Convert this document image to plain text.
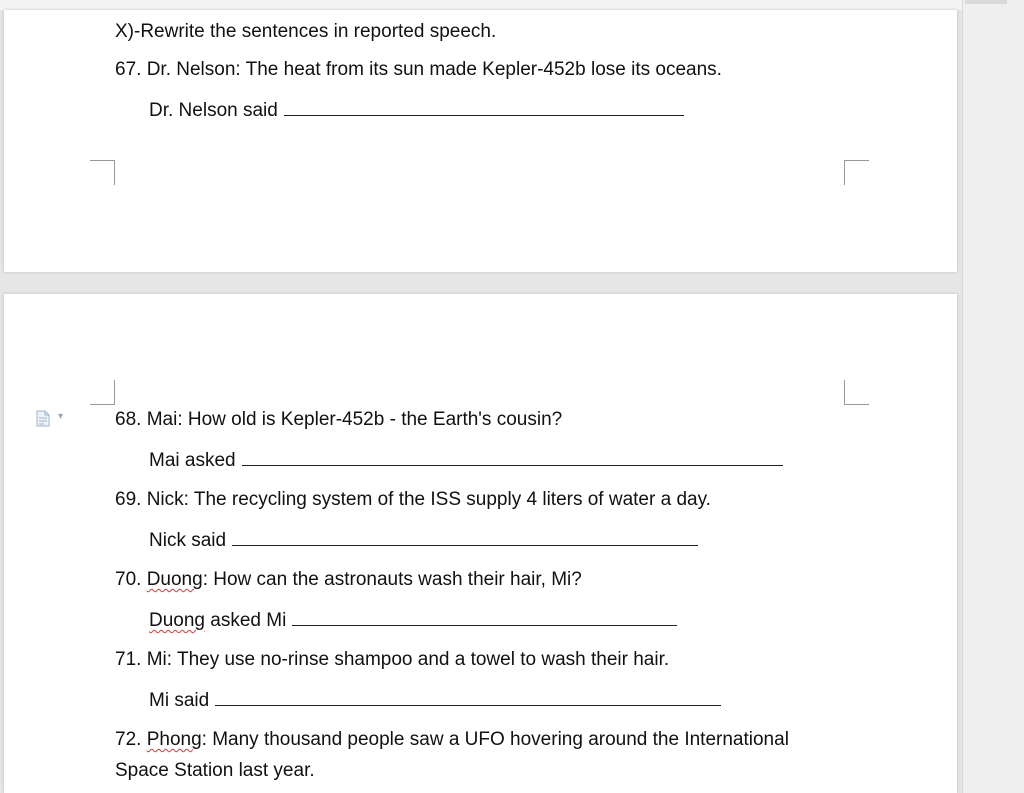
X)-Rewrite the sentences in reported speech.
67. Dr. Nelson: The heat from its sun made Kepler-452b lose its oceans.
Dr. Nelson said
68. Mai: How old is Kepler-452b - the Earth's cousin?
Mai asked
69. Nick: The recycling system of the ISS supply 4 liters of water a day.
Nick said
70. Duong: How can the astronauts wash their hair, Mi?
Duong asked Mi
71. Mi: They use no-rinse shampoo and a towel to wash their hair.
Mi said
72. Phong: Many thousand people saw a UFO hovering around the International
Space Station last year.
▾
